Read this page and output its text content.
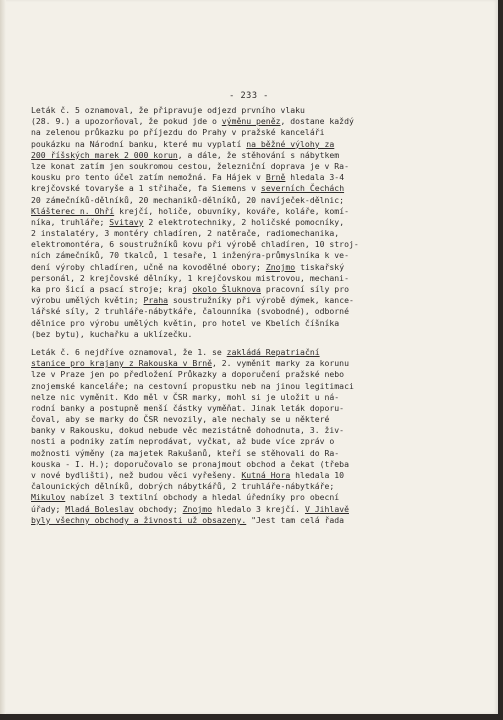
- 233 -
Leták č. 5 oznamoval, že připravuje odjezd prvního vlaku
(28. 9.) a upozorňoval, že pokud jde o výměnu peněz, dostane každý
na zelenou průkazku po příjezdu do Prahy v pražské kanceláři
poukázku na Národní banku, které mu vyplatí na běžné výlohy za
200 říšských marek 2 000 korun, a dále, že stěhování s nábytkem
lze konat zatím jen soukromou cestou, železniční doprava je v Ra-
kousku pro tento účel zatím nemožná. Fa Hájek v Brně hledala 3-4
krejčovské tovaryše a 1 střihače, fa Siemens v severních Čechách
20 zámečníků-dělníků, 20 mechaniků-dělníků, 20 navíječek-dělnic;
Klášterec n. Ohří krejčí, holiče, obuvníky, kováře, koláře, komí-
níka, truhláře; Svitavy 2 elektrotechniky, 2 holičské pomocníky,
2 instalatéry, 3 montéry chladíren, 2 natěrače, radiomechanika,
elektromontéra, 6 soustružníků kovu při výrobě chladíren, 10 stroj-
ních zámečníků, 70 tkalců, 1 tesaře, 1 inženýra-průmyslníka k ve-
dení výroby chladíren, učně na kovodělné obory; Znojmo tiskařský
personál, 2 krejčovské dělníky, 1 krejčovskou mistrovou, mechani-
ka pro šicí a psací stroje; kraj okolo Šluknova pracovní síly pro
výrobu umělých květin; Praha soustružníky při výrobě dýmek, kance-
lářské síly, 2 truhláře-nábytkáře, čalounníka (svobodné), odborné
dělnice pro výrobu umělých květin, pro hotel ve Kbelích číšníka
(bez bytu), kuchařku a uklízečku.
Leták č. 6 nejdříve oznamoval, že 1. se zakládá Repatriační
stanice pro krajany z Rakouska v Brně, 2. vyměnit marky za korunu
lze v Praze jen po předložení Průkazky a doporučení pražské nebo
znojemské kanceláře; na cestovní propustku neb na jinou legitimaci
nelze nic vyměnit. Kdo měl v ČSR marky, mohl si je uložit u ná-
rodní banky a postupně menší částky vyměňat. Jinak leták doporu-
čoval, aby se marky do ČSR nevozily, ale nechaly se u některé
banky v Rakousku, dokud nebude věc mezistátně dohodnuta, 3. živ-
nosti a podniky zatím neprodávat, vyčkat, až bude více zpráv o
možnosti výměny (za majetek Rakušanů, kteří se stěhovali do Ra-
kouska - I. H.); doporučovalo se pronajmout obchod a čekat (třeba
v nové bydlišti), než budou věci vyřešeny. Kutná Hora hledala 10
čalounických dělníků, dobrých nábytkářů, 2 truhláře-nábytkáře;
Mikulov nabízel 3 textilní obchody a hledal úředníky pro obecní
úřady; Mladá Boleslav obchody; Znojmo hledalo 3 krejčí. V Jihlavě
byly všechny obchody a živnosti už obsazeny. "Jest tam celá řada
